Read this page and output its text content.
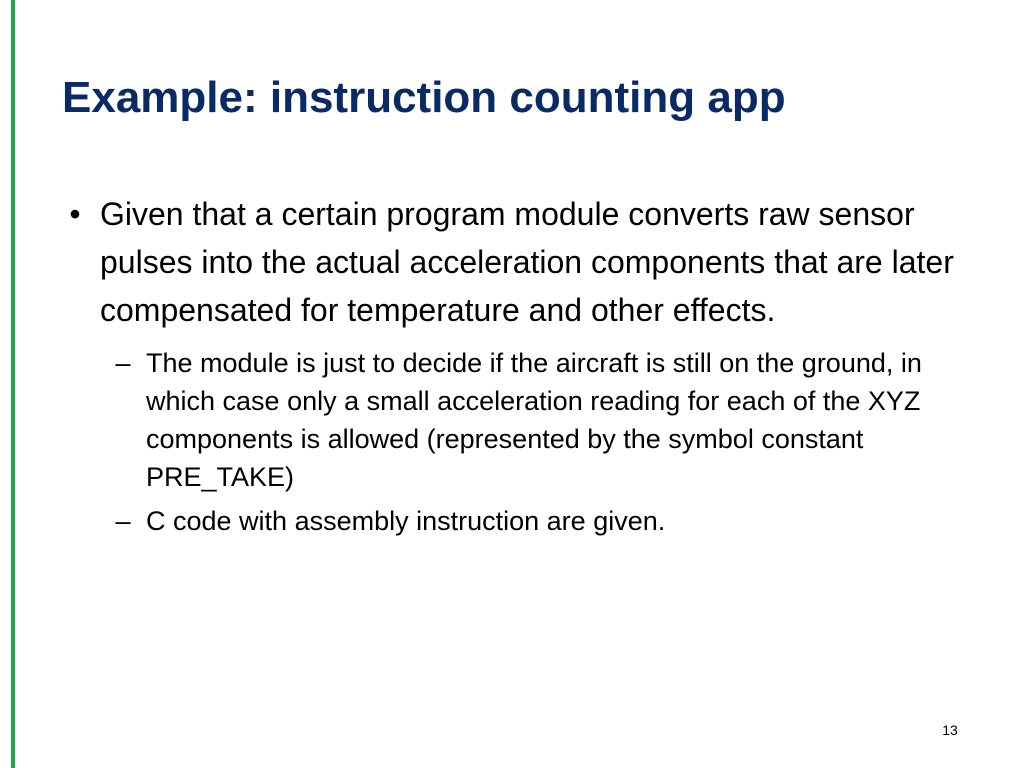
Example: instruction counting app
• Given that a certain program module converts raw sensor pulses into the actual acceleration components that are later compensated for temperature and other effects.
– The module is just to decide if the aircraft is still on the ground, in which case only a small acceleration reading for each of the XYZ components is allowed (represented by the symbol constant PRE_TAKE)
– C code with assembly instruction are given.
13
